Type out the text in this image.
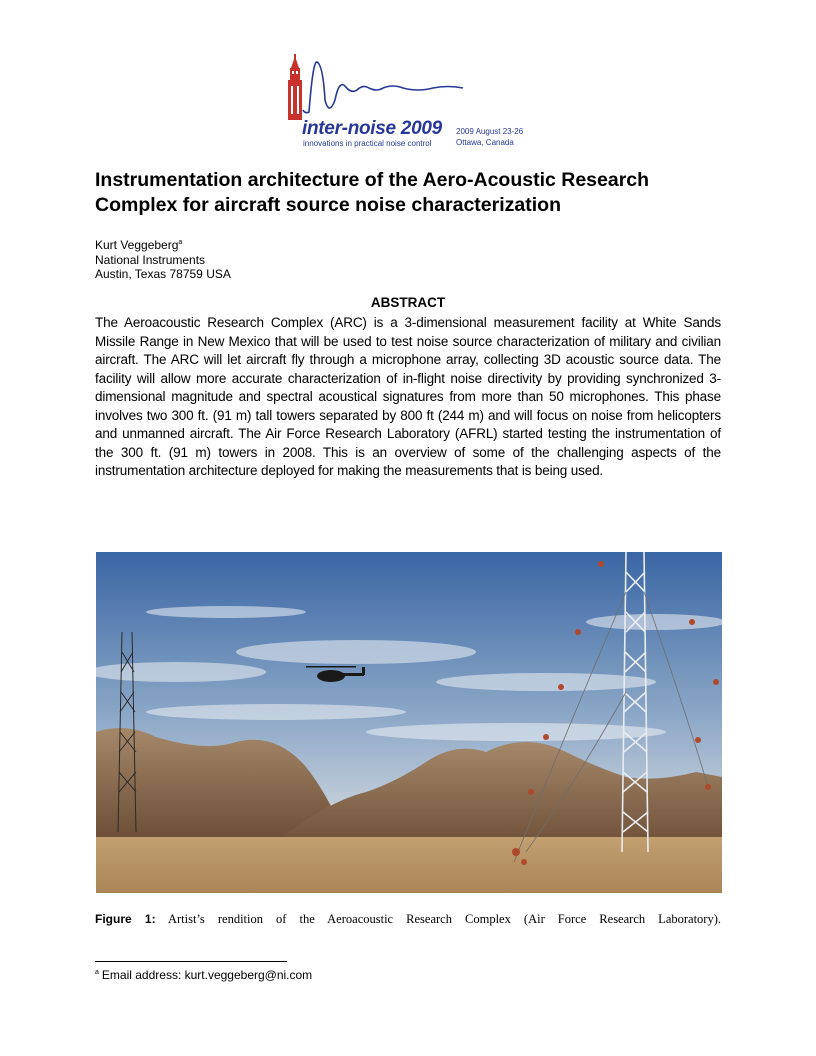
inter-noise 2009
innovations in practical noise control
2009 August 23-26
Ottawa, Canada
Instrumentation architecture of the Aero-Acoustic Research Complex for aircraft source noise characterization
Kurt Veggeberg$^a$
National Instruments
Austin, Texas 78759 USA
ABSTRACT

The Aeroacoustic Research Complex (ARC) is a 3-dimensional measurement facility at White Sands Missile Range in New Mexico that will be used to test noise source characterization of military and civilian aircraft. The ARC will let aircraft fly through a microphone array, collecting 3D acoustic source data. The facility will allow more accurate characterization of in-flight noise directivity by providing synchronized 3-dimensional magnitude and spectral acoustical signatures from more than 50 microphones. This phase involves two 300 ft. (91 m) tall towers separated by 800 ft (244 m) and will focus on noise from helicopters and unmanned aircraft. The Air Force Research Laboratory (AFRL) started testing the instrumentation of the 300 ft. (91 m) towers in 2008. This is an overview of some of the challenging aspects of the instrumentation architecture deployed for making the measurements that is being used.

Figure 1: Artist’s rendition of the Aeroacoustic Research Complex (Air Force Research Laboratory).
$^a$ Email address: kurt.veggeberg@ni.com
